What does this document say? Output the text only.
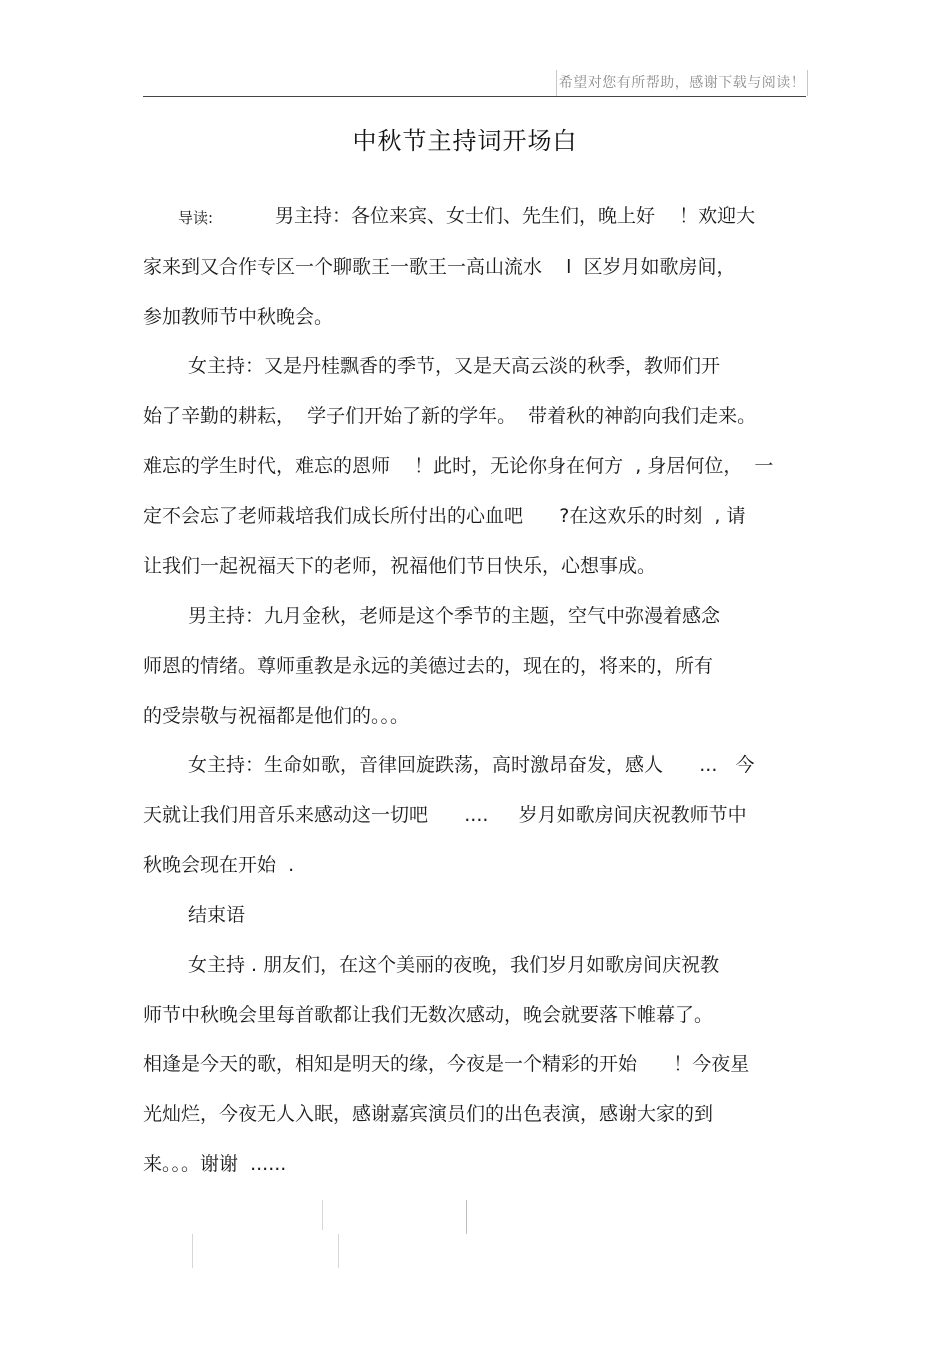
希望对您有所帮助，感谢下载与阅读！
中秋节主持词开场白
导读:	男主持：各位来宾、女士们、先生们，晚上好    ！欢迎大
家来到又合作专区一个聊歌王一歌王一高山流水    l  区岁月如歌房间，
参加教师节中秋晚会。
女主持：又是丹桂飘香的季节，又是天高云淡的秋季，教师们开
始了辛勤的耕耘，  学子们开始了新的学年。  带着秋的神韵向我们走来。
难忘的学生时代，难忘的恩师    ！此时，无论你身在何方  , 身居何位，  一
定不会忘了老师栽培我们成长所付出的心血吧      ?在这欢乐的时刻  , 请
让我们一起祝福天下的老师，祝福他们节日快乐，心想事成。
男主持：九月金秋，老师是这个季节的主题，空气中弥漫着感念
师恩的情绪。尊师重教是永远的美德过去的，现在的，将来的，所有
的受崇敬与祝福都是他们的。。。
女主持：生命如歌，音律回旋跌荡，高时激昂奋发，感人      ...   今
天就让我们用音乐来感动这一切吧      ....     岁月如歌房间庆祝教师节中
秋晚会现在开始  .
结束语
女主持 . 朋友们，在这个美丽的夜晚，我们岁月如歌房间庆祝教
师节中秋晚会里每首歌都让我们无数次感动，晚会就要落下帷幕了。
相逢是今天的歌，相知是明天的缘，今夜是一个精彩的开始      ！今夜星
光灿烂，今夜无人入眠，感谢嘉宾演员们的出色表演，感谢大家的到
来。。。谢谢  ......
